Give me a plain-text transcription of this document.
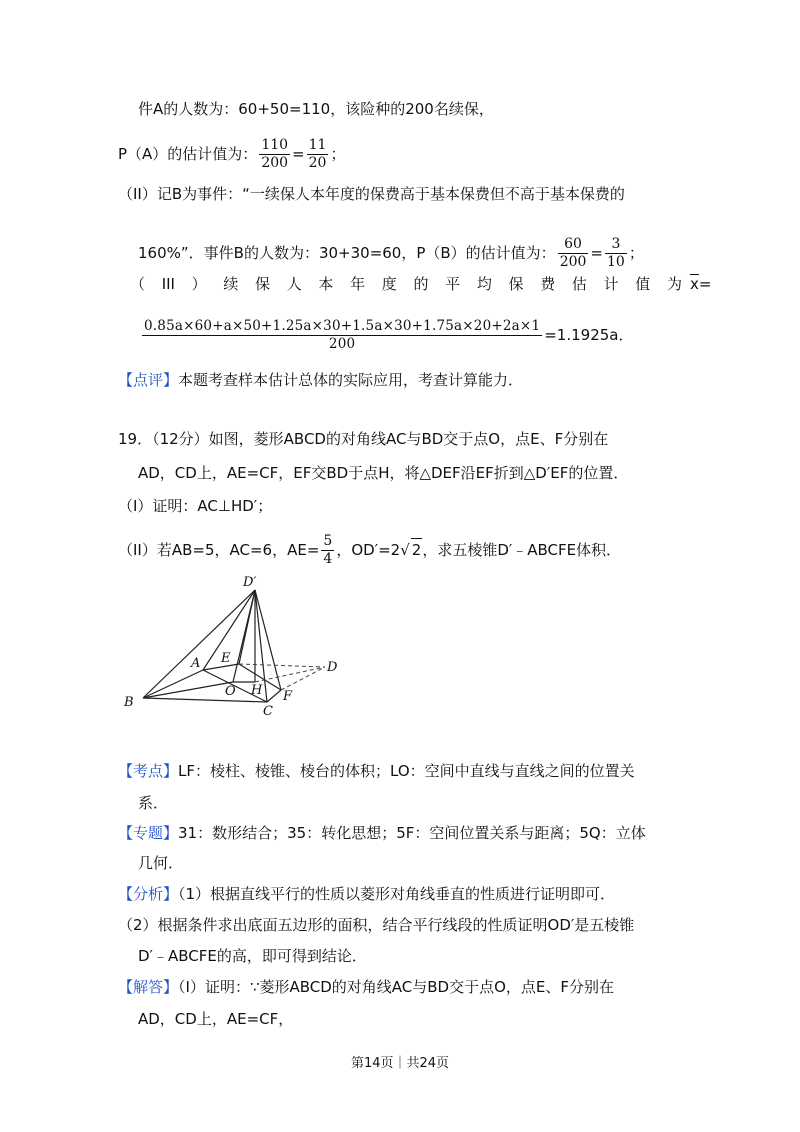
件A的人数为：60+50=110，该险种的200名续保，
P（A）的估计值为： $\frac{110}{200} = \frac{11}{20}$ ；
（II）记B为事件：“一续保人本年度的保费高于基本保费但不高于基本保费的
160%”．事件B的人数为：30+30=60，P（B）的估计值为： $\frac{60}{200} = \frac{3}{10}$ ；
（ III ） 续 保 人 本 年 度 的 平 均 保 费 估 计 值 为 $\overline{x}=$
$\frac{0.85a\times 60+a\times 50+1.25a\times 30+1.5a\times 30+1.75a\times 20+2a\times 1}{200} =1.1925a$．
【点评】本题考查样本估计总体的实际应用，考查计算能力．
19．（12分）如图，菱形ABCD的对角线AC与BD交于点O，点E、F分别在
AD，CD上，AE=CF，EF交BD于点H，将△DEF沿EF折到△D′EF的位置．
（I）证明：AC⊥HD′；
（II）若AB=5，AC=6，$AE= \frac{5}{4}$ ，OD′=2√ 2，求五棱锥D′﹣ABCFE体积．
D′
A E
D
B
O H
C
F
【考点】LF：棱柱、棱锥、棱台的体积；LO：空间中直线与直线之间的位置关
系．
【专题】31：数形结合；35：转化思想；5F：空间位置关系与距离；5Q：立体
几何．
【分析】（1）根据直线平行的性质以菱形对角线垂直的性质进行证明即可．
（2）根据条件求出底面五边形的面积，结合平行线段的性质证明OD′是五棱锥
D′﹣ABCFE的高，即可得到结论．
【解答】（I）证明：∵菱形ABCD的对角线AC与BD交于点O，点E、F分别在
AD，CD上，AE=CF，
第14页｜共24页
